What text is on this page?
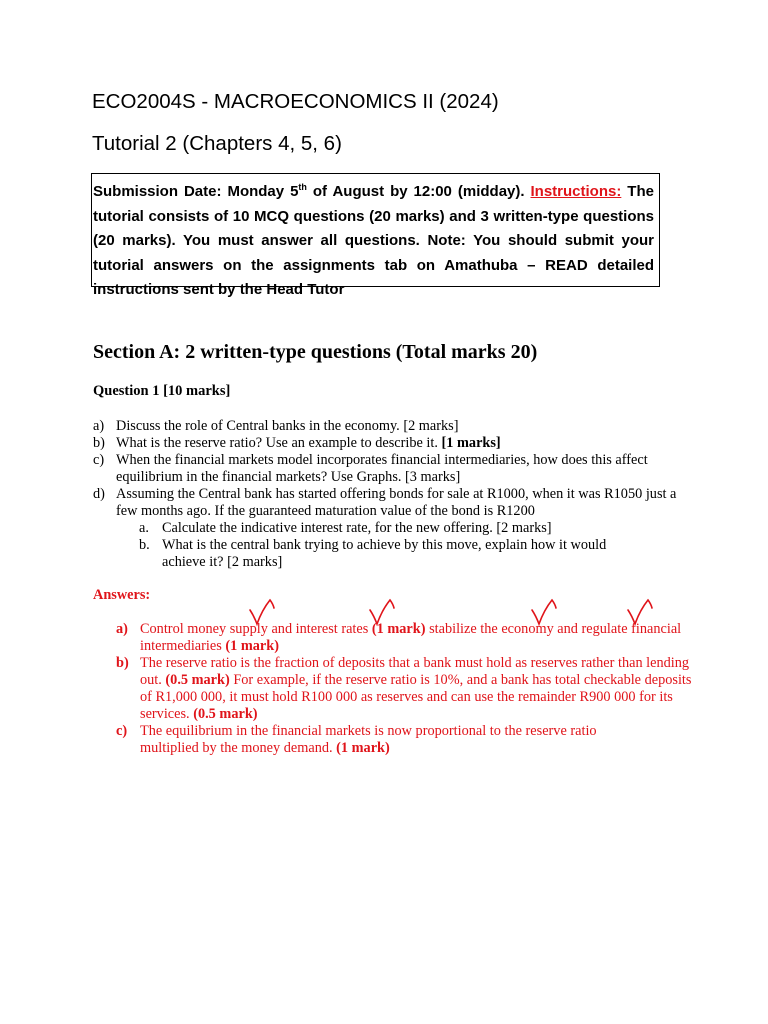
ECO2004S - MACROECONOMICS II (2024)
Tutorial 2 (Chapters 4, 5, 6)

Submission Date: Monday 5th of August by 12:00 (midday). Instructions: The tutorial consists of 10 MCQ questions (20 marks) and 3 written-type questions (20 marks). You must answer all questions. Note: You should submit your tutorial answers on the assignments tab on Amathuba – READ detailed instructions sent by the Head Tutor

Section A: 2 written-type questions (Total marks 20)
Question 1 [10 marks]
a) Discuss the role of Central banks in the economy. [2 marks]
b) What is the reserve ratio? Use an example to describe it. [1 marks]
c) When the financial markets model incorporates financial intermediaries, how does this affect equilibrium in the financial markets? Use Graphs. [3 marks]
d) Assuming the Central bank has started offering bonds for sale at R1000, when it was R1050 just a few months ago. If the guaranteed maturation value of the bond is R1200
a. Calculate the indicative interest rate, for the new offering. [2 marks]
b. What is the central bank trying to achieve by this move, explain how it would achieve it? [2 marks]
Answers:
a) Control money supply and interest rates (1 mark) stabilize the economy and regulate financial intermediaries (1 mark)
b) The reserve ratio is the fraction of deposits that a bank must hold as reserves rather than lending out. (0.5 mark) For example, if the reserve ratio is 10%, and a bank has total checkable deposits of R1,000 000, it must hold R100 000 as reserves and can use the remainder R900 000 for its services. (0.5 mark)
c) The equilibrium in the financial markets is now proportional to the reserve ratio multiplied by the money demand. (1 mark)
